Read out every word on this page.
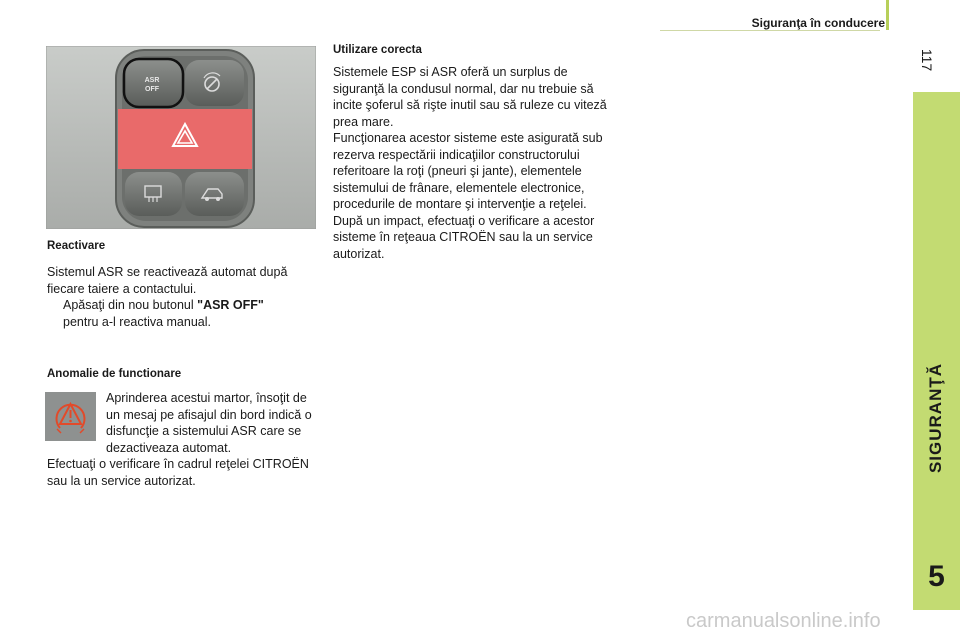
Siguranţa în conducere
117
SIGURANŢĂ
5
ASR
OFF
Reactivare

Sistemul ASR se reactivează automat după fiecare taiere a contactului.

Apăsaţi din nou butonul "ASR OFF"
pentru a-l reactiva manual.
Anomalie de functionare
Aprinderea acestui martor, însoţit de un mesaj pe afisajul din bord indică o disfuncţie a sistemului ASR care se dezactiveaza automat.
Efectuaţi o verificare în cadrul reţelei CITROËN sau la un service autorizat.
Utilizare corecta

Sistemele ESP si ASR oferă un surplus de siguranţă la condusul normal, dar nu trebuie să incite şoferul să rişte inutil sau să ruleze cu viteză prea mare.

Funcţionarea acestor sisteme este asigurată sub rezerva respectării indicaţiilor constructorului referitoare la roţi (pneuri şi jante), elementele sistemului de frânare, elementele electronice, procedurile de montare şi intervenţie a reţelei.

După un impact, efectuaţi o verificare a acestor sisteme în reţeaua CITROËN sau la un service autorizat.

carmanualsonline.info
